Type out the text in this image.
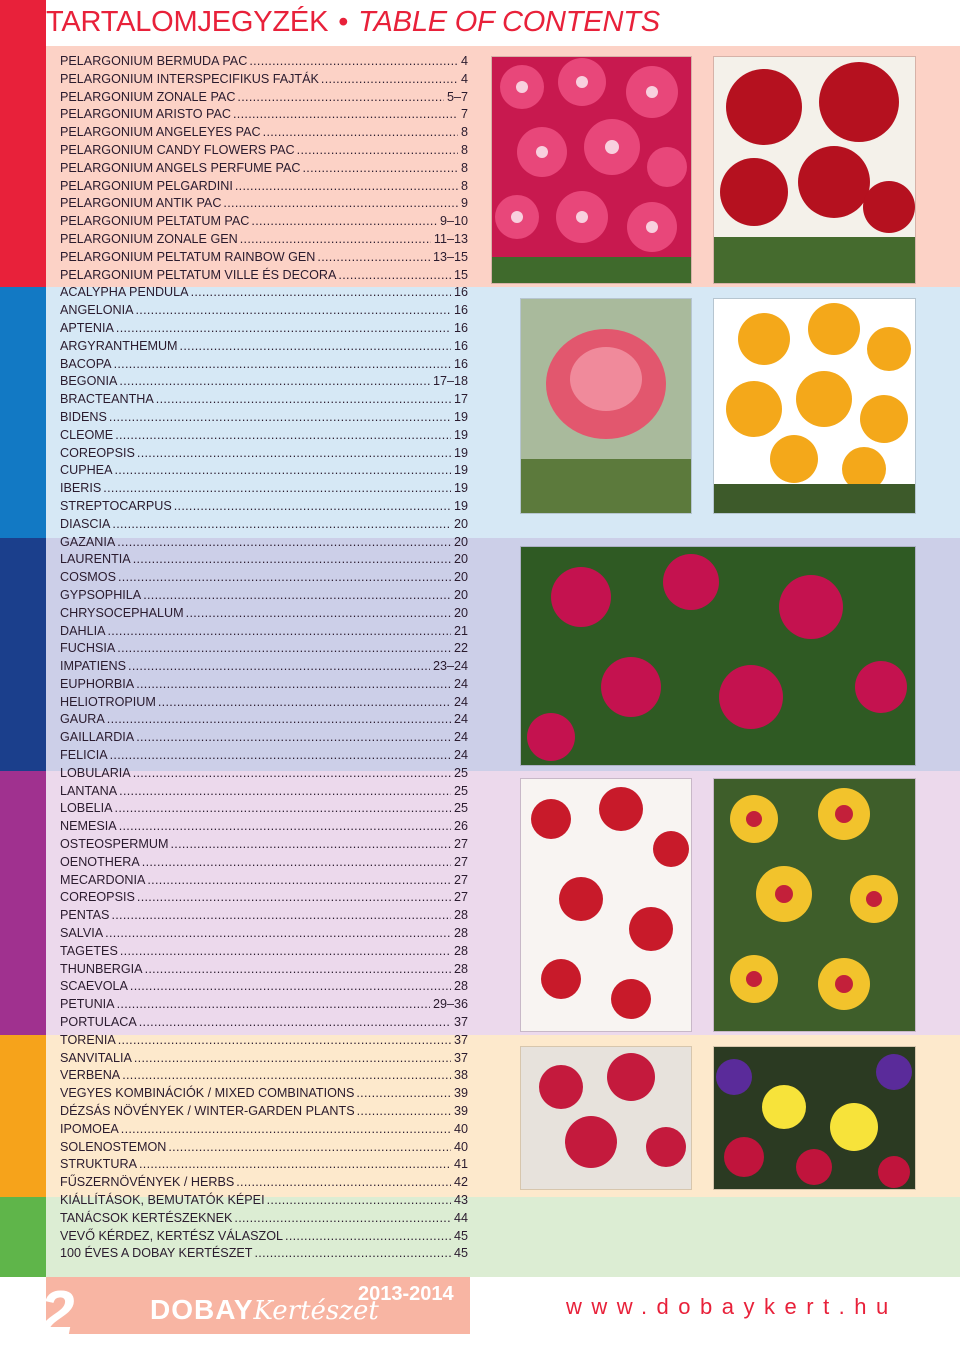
TARTALOMJEGYZÉK • TABLE OF CONTENTS
PELARGONIUM BERMUDA PAC . . .	4
PELARGONIUM INTERSPECIFIKUS FAJTÁK . . .	4
PELARGONIUM ZONALE PAC . . .	5–7
PELARGONIUM ARISTO PAC . . .	7
PELARGONIUM ANGELEYES PAC . . .	8
PELARGONIUM CANDY FLOWERS PAC . . .	8
PELARGONIUM ANGELS PERFUME PAC . . .	8
PELARGONIUM PELGARDINI . . .	8
PELARGONIUM ANTIK PAC . . .	9
PELARGONIUM PELTATUM PAC . . .	9–10
PELARGONIUM ZONALE GEN . . .	11–13
PELARGONIUM PELTATUM RAINBOW GEN . . .	13–15
PELARGONIUM PELTATUM VILLE ÉS DECORA . . .	15
ACALYPHA PENDULA . . .	16
ANGELONIA . . .	16
APTENIA . . .	16
ARGYRANTHEMUM . . .	16
BACOPA . . .	16
BEGONIA . . .	17–18
BRACTEANTHA . . .	17
BIDENS . . .	19
CLEOME . . .	19
COREOPSIS . . .	19
CUPHEA . . .	19
IBERIS . . .	19
STREPTOCARPUS . . .	19
DIASCIA . . .	20
GAZANIA . . .	20
LAURENTIA . . .	20
COSMOS . . .	20
GYPSOPHILA . . .	20
CHRYSOCEPHALUM . . .	20
DAHLIA . . .	21
FUCHSIA . . .	22
IMPATIENS . . .	23–24
EUPHORBIA . . .	24
HELIOTROPIUM . . .	24
GAURA . . .	24
GAILLARDIA . . .	24
FELICIA . . .	24
LOBULARIA . . .	25
LANTANA . . .	25
LOBELIA . . .	25
NEMESIA . . .	26
OSTEOSPERMUM . . .	27
OENOTHERA . . .	27
MECARDONIA . . .	27
COREOPSIS . . .	27
PENTAS . . .	28
SALVIA . . .	28
TAGETES . . .	28
THUNBERGIA . . .	28
SCAEVOLA . . .	28
PETUNIA . . .	29–36
PORTULACA . . .	37
TORENIA . . .	37
SANVITALIA . . .	37
VERBENA . . .	38
VEGYES KOMBINÁCIÓK / MIXED COMBINATIONS . . .	39
DÉZSÁS NÖVÉNYEK / WINTER-GARDEN PLANTS . . .	39
IPOMOEA . . .	40
SOLENOSTEMON . . .	40
STRUKTURA . . .	41
FŰSZERNÖVÉNYEK / HERBS . . .	42
KIÁLLÍTÁSOK, BEMUTATÓK KÉPEI . . .	43
TANÁCSOK KERTÉSZEKNEK . . .	44
VEVŐ KÉRDEZ, KERTÉSZ VÁLASZOL . . .	45
100 ÉVES A DOBAY KERTÉSZET . . .	45
2	DOBAYKertészet
2013-2014	www.dobaykert.hu
